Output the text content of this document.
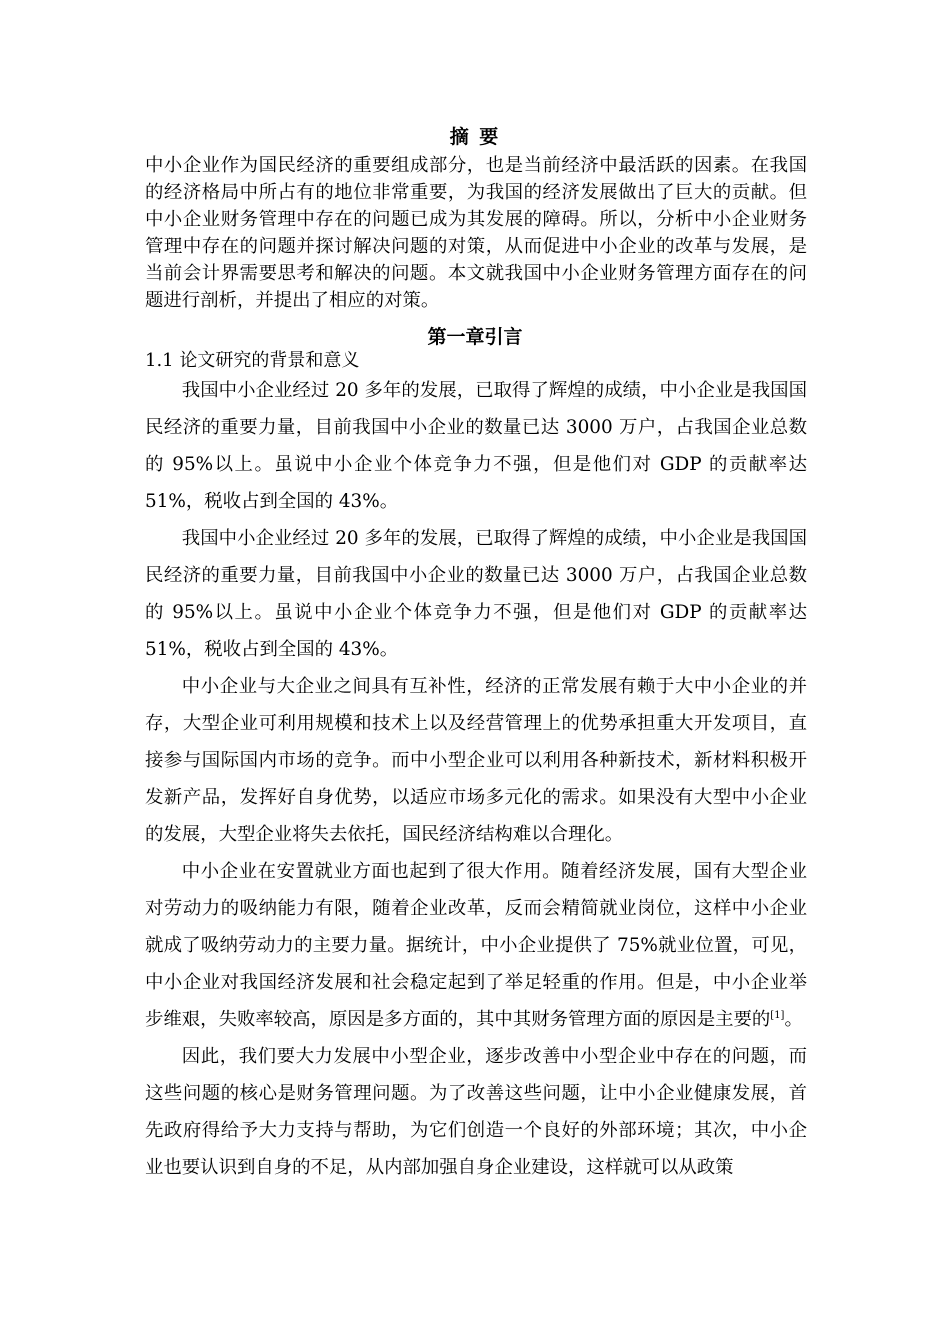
摘 要
中小企业作为国民经济的重要组成部分，也是当前经济中最活跃的因素。在我国的经济格局中所占有的地位非常重要，为我国的经济发展做出了巨大的贡献。但中小企业财务管理中存在的问题已成为其发展的障碍。所以，分析中小企业财务管理中存在的问题并探讨解决问题的对策，从而促进中小企业的改革与发展，是当前会计界需要思考和解决的问题。本文就我国中小企业财务管理方面存在的问题进行剖析，并提出了相应的对策。
第一章引言
1.1 论文研究的背景和意义

我国中小企业经过 20 多年的发展，已取得了辉煌的成绩，中小企业是我国国民经济的重要力量，目前我国中小企业的数量已达 3000 万户，占我国企业总数的 95%以上。虽说中小企业个体竞争力不强，但是他们对 GDP 的贡献率达 51%，税收占到全国的 43%。

我国中小企业经过 20 多年的发展，已取得了辉煌的成绩，中小企业是我国国民经济的重要力量，目前我国中小企业的数量已达 3000 万户，占我国企业总数的 95%以上。虽说中小企业个体竞争力不强，但是他们对 GDP 的贡献率达 51%，税收占到全国的 43%。

中小企业与大企业之间具有互补性，经济的正常发展有赖于大中小企业的并存，大型企业可利用规模和技术上以及经营管理上的优势承担重大开发项目，直接参与国际国内市场的竞争。而中小型企业可以利用各种新技术，新材料积极开发新产品，发挥好自身优势，以适应市场多元化的需求。如果没有大型中小企业的发展，大型企业将失去依托，国民经济结构难以合理化。

中小企业在安置就业方面也起到了很大作用。随着经济发展，国有大型企业对劳动力的吸纳能力有限，随着企业改革，反而会精简就业岗位，这样中小企业就成了吸纳劳动力的主要力量。据统计，中小企业提供了 75%就业位置，可见，中小企业对我国经济发展和社会稳定起到了举足轻重的作用。但是，中小企业举步维艰，失败率较高，原因是多方面的，其中其财务管理方面的原因是主要的[1]。

因此，我们要大力发展中小型企业，逐步改善中小型企业中存在的问题，而这些问题的核心是财务管理问题。为了改善这些问题，让中小企业健康发展，首先政府得给予大力支持与帮助，为它们创造一个良好的外部环境；其次，中小企业也要认识到自身的不足，从内部加强自身企业建设，这样就可以从政策
